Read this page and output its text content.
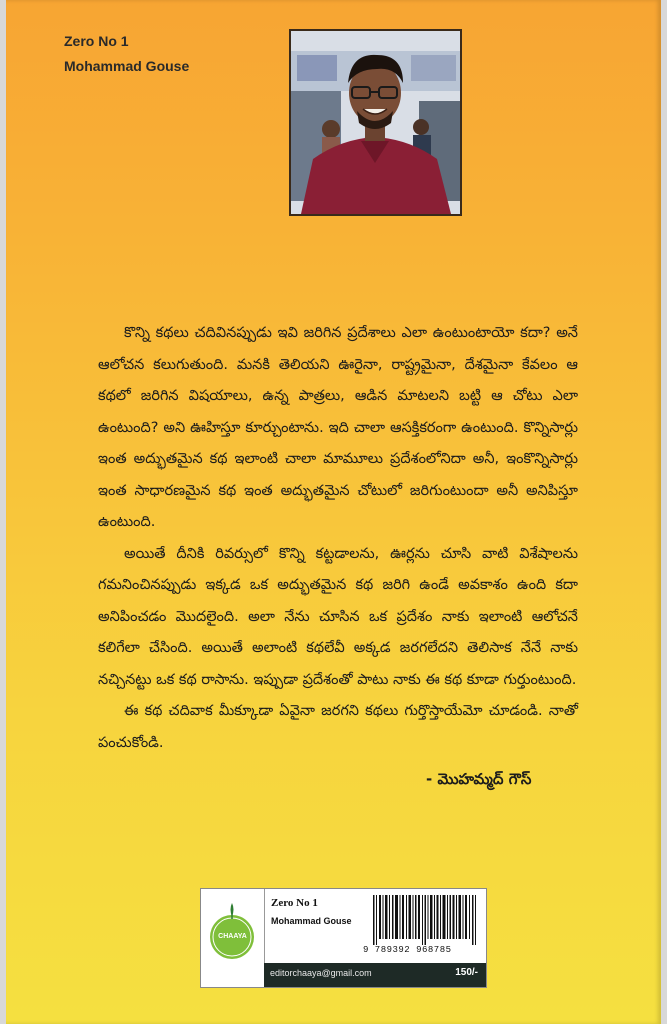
Zero No 1
Mohammad Gouse

కొన్ని కథలు చదివినప్పుడు ఇవి జరిగిన ప్రదేశాలు ఎలా ఉంటుంటాయో కదా? అనే ఆలోచన కలుగుతుంది. మనకి తెలియని ఊరైనా, రాష్ట్రమైనా, దేశమైనా కేవలం ఆ కథలో జరిగిన విషయాలు, ఉన్న పాత్రలు, ఆడిన మాటలని బట్టి ఆ చోటు ఎలా ఉంటుంది? అని ఊహిస్తూ కూర్చుంటాను. ఇది చాలా ఆసక్తికరంగా ఉంటుంది. కొన్నిసార్లు ఇంత అద్భుతమైన కథ ఇలాంటి చాలా మామూలు ప్రదేశంలోనిదా అనీ, ఇంకొన్నిసార్లు ఇంత సాధారణమైన కథ ఇంత అద్భుతమైన చోటులో జరిగుంటుందా అనీ అనిపిస్తూ ఉంటుంది.

అయితే దీనికి రివర్సులో కొన్ని కట్టడాలను, ఊర్లను చూసి వాటి విశేషాలను గమనించినప్పుడు ఇక్కడ ఒక అద్భుతమైన కథ జరిగి ఉండే అవకాశం ఉంది కదా అనిపించడం మొదలైంది. అలా నేను చూసిన ఒక ప్రదేశం నాకు ఇలాంటి ఆలోచనే కలిగేలా చేసింది. అయితే అలాంటి కథలేవీ అక్కడ జరగలేదని తెలిసాక నేనే నాకు నచ్చినట్టు ఒక కథ రాసాను. ఇప్పుడా ప్రదేశంతో పాటు నాకు ఈ కథ కూడా గుర్తుంటుంది.

ఈ కథ చదివాక మీక్కూడా ఏవైనా జరగని కథలు గుర్తొస్తాయేమో చూడండి. నాతో పంచుకోండి.

- మొహమ్మద్ గౌస్
CHAAYA
Zero No 1
Mohammad Gouse
9 789392 968785
editorchaaya@gmail.com	150/-
